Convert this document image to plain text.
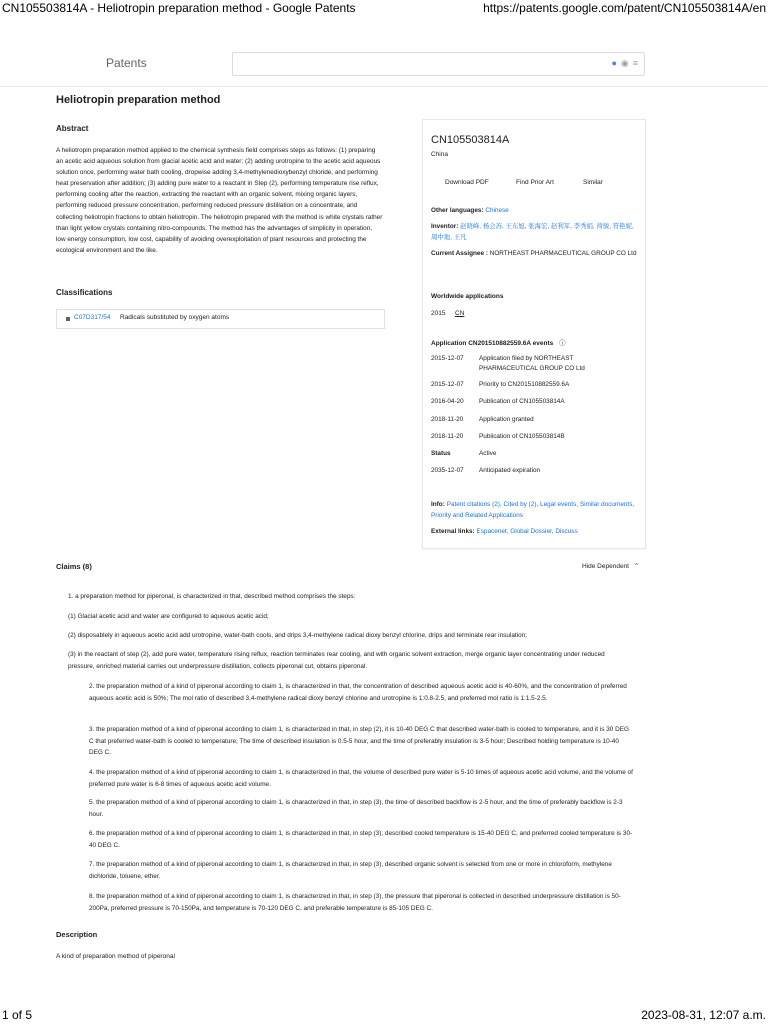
CN105503814A - Heliotropin preparation method - Google Patents	https://patents.google.com/patent/CN105503814A/en
Patents	● ◉ ≡
Heliotropin preparation method
Abstract
A heliotropin preparation method applied to the chemical synthesis field comprises steps as follows: (1) preparing an acetic acid aqueous solution from glacial acetic acid and water; (2) adding urotropine to the acetic acid aqueous solution once, performing water bath cooling, dropwise adding 3,4-methylenedioxybenzyl chloride, and performing heat preservation after addition; (3) adding pure water to a reactant in Step (2), performing temperature rise reflux, performing cooling after the reaction, extracting the reactant with an organic solvent, mixing organic layers, performing reduced pressure concentration, performing reduced pressure distillation on a concentrate, and collecting heliotropin fractions to obtain heliotropin. The heliotropin prepared with the method is white crystals rather than light yellow crystals containing nitro-compounds. The method has the advantages of simplicity in operation, low energy consumption, low cost, capability of avoiding overexploitation of plant resources and protecting the ecological environment and the like.
Classifications
C07D317/54 Radicals substituted by oxygen atoms
CN105503814A
China
Download PDF	Find Prior Art	Similar
Other languages: Chinese
Inventor: 赵晓峰, 杨会苏, 王东旭, 张海宏, 赵利军, 李秀娟, 荷骏, 符艳妮, 周中地, 王凡
Current Assignee : NORTHEAST PHARMACEUTICAL GROUP CO Ltd
Worldwide applications
2015 CN
Application CN201510882559.6A events ⓘ
2015-12-07 Application filed by NORTHEAST PHARMACEUTICAL GROUP CO Ltd
2015-12-07 Priority to CN201510882559.6A
2016-04-20 Publication of CN105503814A
2018-11-20 Application granted
2018-11-20 Publication of CN105503814B
Status	Active
2035-12-07 Anticipated expiration
Info: Patent citations (2), Cited by (2), Legal events, Similar documents, Priority and Related Applications
External links: Espacenet, Global Dossier, Discuss
Claims (8)	Hide Dependent ⌃
1. a preparation method for piperonal, is characterized in that, described method comprises the steps:
(1) Glacial acetic acid and water are configured to aqueous acetic acid;
(2) disposablely in aqueous acetic acid add urotropine, water-bath cools, and drips 3,4-methylene radical dioxy benzyl chlorine, drips and terminate rear insulation;
(3) in the reactant of step (2), add pure water, temperature rising reflux, reaction terminates rear cooling, and with organic solvent extraction, merge organic layer concentrating under reduced pressure, enriched material carries out underpressure distillation, collects piperonal cut, obtains piperonal.
2. the preparation method of a kind of piperonal according to claim 1, is characterized in that, the concentration of described aqueous acetic acid is 40-60%, and the concentration of preferred aqueous acetic acid is 50%; The mol ratio of described 3,4-methylene radical dioxy benzyl chlorine and urotropine is 1:0.8-2.5, and preferred mol ratio is 1:1.5-2.5.
3. the preparation method of a kind of piperonal according to claim 1, is characterized in that, in step (2), it is 10-40 DEG C that described water-bath is cooled to temperature, and it is 30 DEG C that preferred water-bath is cooled to temperature; The time of described insulation is 0.5-5 hour, and the time of preferably insulation is 3-5 hour; Described holding temperature is 10-40 DEG C.
4. the preparation method of a kind of piperonal according to claim 1, is characterized in that, the volume of described pure water is 5-10 times of aqueous acetic acid volume, and the volume of preferred pure water is 6-8 times of aqueous acetic acid volume.
5. the preparation method of a kind of piperonal according to claim 1, is characterized in that, in step (3), the time of described backflow is 2-5 hour, and the time of preferably backflow is 2-3 hour.
6. the preparation method of a kind of piperonal according to claim 1, is characterized in that, in step (3), described cooled temperature is 15-40 DEG C, and preferred cooled temperature is 30-40 DEG C.
7. the preparation method of a kind of piperonal according to claim 1, is characterized in that, in step (3), described organic solvent is selected from one or more in chloroform, methylene dichloride, toluene, ether.
8. the preparation method of a kind of piperonal according to claim 1, is characterized in that, in step (3), the pressure that piperonal is collected in described underpressure distillation is 50-200Pa, preferred pressure is 70-150Pa, and temperature is 70-120 DEG C, and preferable temperature is 85-105 DEG C.
Description
A kind of preparation method of piperonal
1 of 5	2023-08-31, 12:07 a.m.
